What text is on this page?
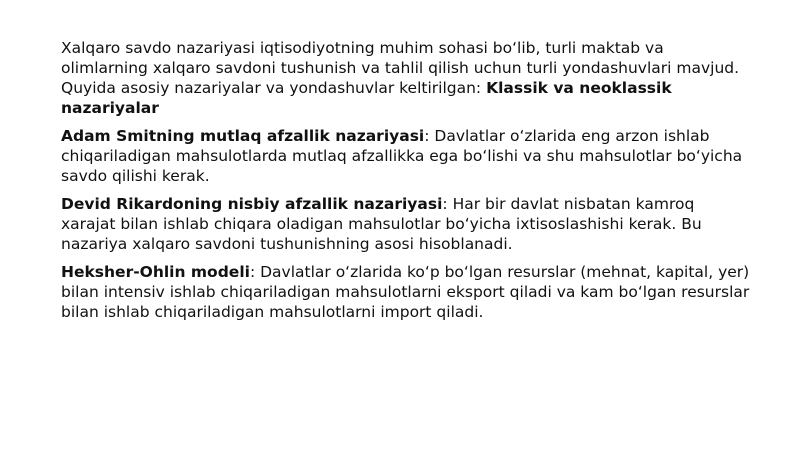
Xalqaro savdo nazariyasi iqtisodiyotning muhim sohasi boʻlib, turli maktab va olimlarning xalqaro savdoni tushunish va tahlil qilish uchun turli yondashuvlari mavjud. Quyida asosiy nazariyalar va yondashuvlar keltirilgan: Klassik va neoklassik nazariyalar

Adam Smitning mutlaq afzallik nazariyasi: Davlatlar oʻzlarida eng arzon ishlab chiqariladigan mahsulotlarda mutlaq afzallikka ega boʻlishi va shu mahsulotlar boʻyicha savdo qilishi kerak.

Devid Rikardoning nisbiy afzallik nazariyasi: Har bir davlat nisbatan kamroq xarajat bilan ishlab chiqara oladigan mahsulotlar boʻyicha ixtisoslashishi kerak. Bu nazariya xalqaro savdoni tushunishning asosi hisoblanadi.

Heksher-Ohlin modeli: Davlatlar oʻzlarida koʻp boʻlgan resurslar (mehnat, kapital, yer) bilan intensiv ishlab chiqariladigan mahsulotlarni eksport qiladi va kam boʻlgan resurslar bilan ishlab chiqariladigan mahsulotlarni import qiladi.
